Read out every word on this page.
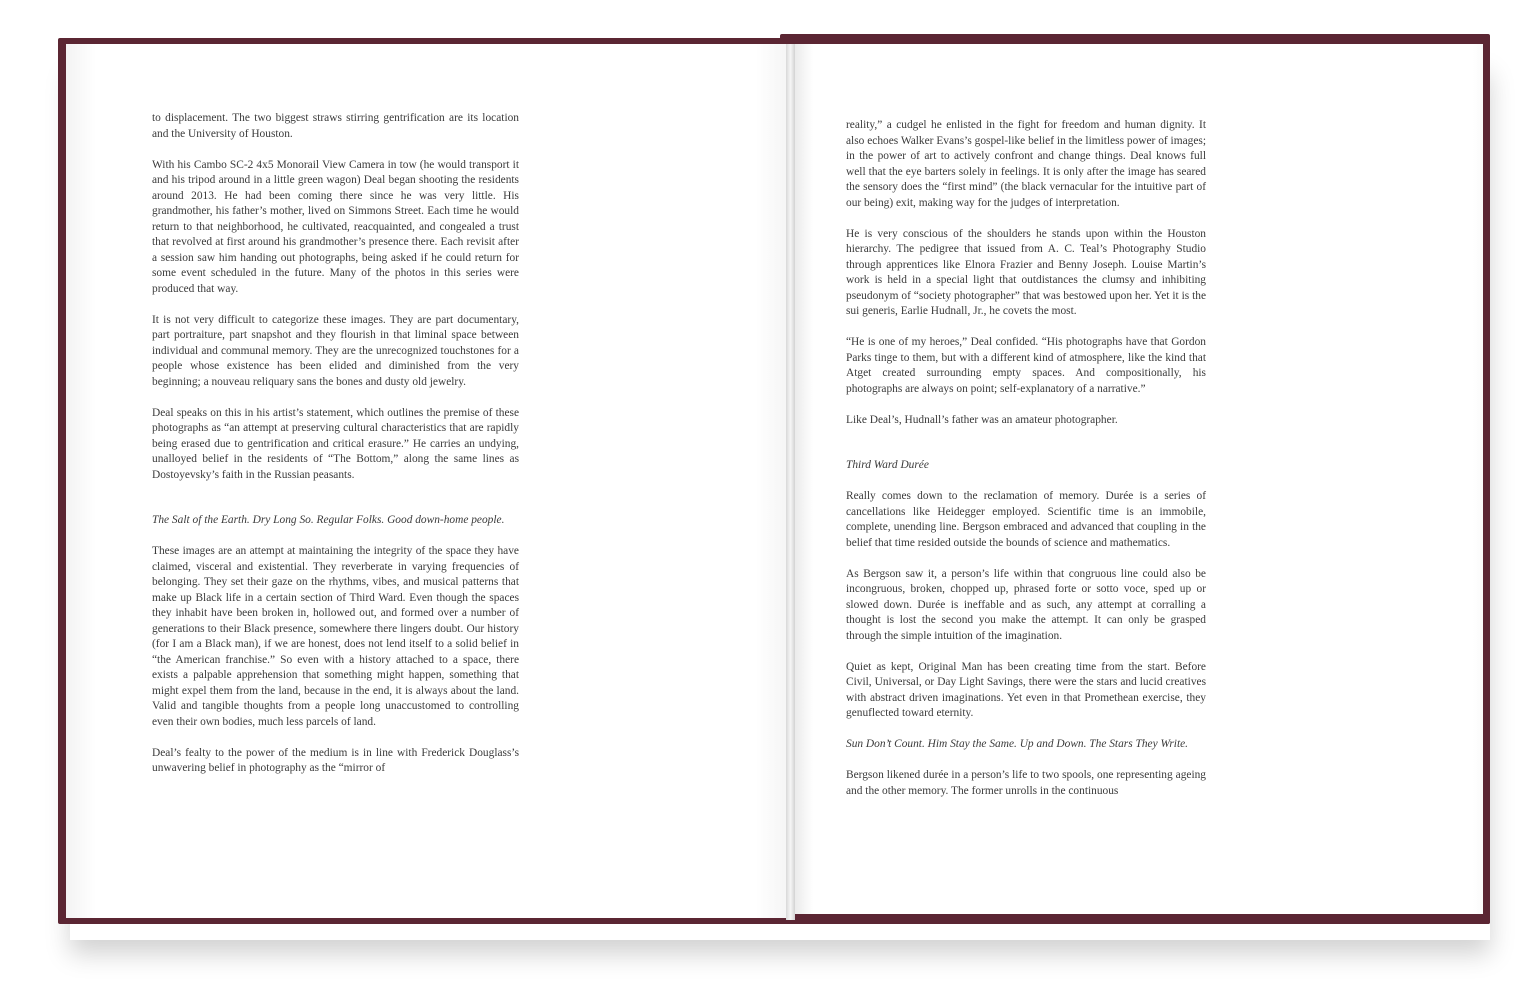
to displacement. The two biggest straws stirring gentrification are its location and the University of Houston.

With his Cambo SC-2 4x5 Monorail View Camera in tow (he would transport it and his tripod around in a little green wagon) Deal began shooting the residents around 2013. He had been coming there since he was very little. His grandmother, his father’s mother, lived on Simmons Street. Each time he would return to that neighborhood, he cultivated, reacquainted, and congealed a trust that revolved at first around his grandmother’s presence there. Each revisit after a session saw him handing out photographs, being asked if he could return for some event scheduled in the future. Many of the photos in this series were produced that way.

It is not very difficult to categorize these images. They are part documentary, part portraiture, part snapshot and they flourish in that liminal space between individual and communal memory. They are the unrecognized touchstones for a people whose existence has been elided and diminished from the very beginning; a nouveau reliquary sans the bones and dusty old jewelry.

Deal speaks on this in his artist’s statement, which outlines the premise of these photographs as “an attempt at preserving cultural characteristics that are rapidly being erased due to gentrification and critical erasure.” He carries an undying, unalloyed belief in the residents of “The Bottom,” along the same lines as Dostoyevsky’s faith in the Russian peasants.

The Salt of the Earth. Dry Long So. Regular Folks. Good down-home people.

These images are an attempt at maintaining the integrity of the space they have claimed, visceral and existential. They reverberate in varying frequencies of belonging. They set their gaze on the rhythms, vibes, and musical patterns that make up Black life in a certain section of Third Ward. Even though the spaces they inhabit have been broken in, hollowed out, and formed over a number of generations to their Black presence, somewhere there lingers doubt. Our history (for I am a Black man), if we are honest, does not lend itself to a solid belief in “the American franchise.” So even with a history attached to a space, there exists a palpable apprehension that something might happen, something that might expel them from the land, because in the end, it is always about the land. Valid and tangible thoughts from a people long unaccustomed to controlling even their own bodies, much less parcels of land.

Deal’s fealty to the power of the medium is in line with Frederick Douglass’s unwavering belief in photography as the “mirror of

reality,” a cudgel he enlisted in the fight for freedom and human dignity. It also echoes Walker Evans’s gospel-like belief in the limitless power of images; in the power of art to actively confront and change things. Deal knows full well that the eye barters solely in feelings. It is only after the image has seared the sensory does the “first mind” (the black vernacular for the intuitive part of our being) exit, making way for the judges of interpretation.

He is very conscious of the shoulders he stands upon within the Houston hierarchy. The pedigree that issued from A. C. Teal’s Photography Studio through apprentices like Elnora Frazier and Benny Joseph. Louise Martin’s work is held in a special light that outdistances the clumsy and inhibiting pseudonym of “society photographer” that was bestowed upon her. Yet it is the sui generis, Earlie Hudnall, Jr., he covets the most.

“He is one of my heroes,” Deal confided. “His photographs have that Gordon Parks tinge to them, but with a different kind of atmosphere, like the kind that Atget created surrounding empty spaces. And compositionally, his photographs are always on point; self-explanatory of a narrative.”

Like Deal’s, Hudnall’s father was an amateur photographer.

Third Ward Durée

Really comes down to the reclamation of memory. Durée is a series of cancellations like Heidegger employed. Scientific time is an immobile, complete, unending line. Bergson embraced and advanced that coupling in the belief that time resided outside the bounds of science and mathematics.

As Bergson saw it, a person’s life within that congruous line could also be incongruous, broken, chopped up, phrased forte or sotto voce, sped up or slowed down. Durée is ineffable and as such, any attempt at corralling a thought is lost the second you make the attempt. It can only be grasped through the simple intuition of the imagination.

Quiet as kept, Original Man has been creating time from the start. Before Civil, Universal, or Day Light Savings, there were the stars and lucid creatives with abstract driven imaginations. Yet even in that Promethean exercise, they genuflected toward eternity.

Sun Don’t Count. Him Stay the Same. Up and Down. The Stars They Write.

Bergson likened durée in a person’s life to two spools, one representing ageing and the other memory. The former unrolls in the continuous
